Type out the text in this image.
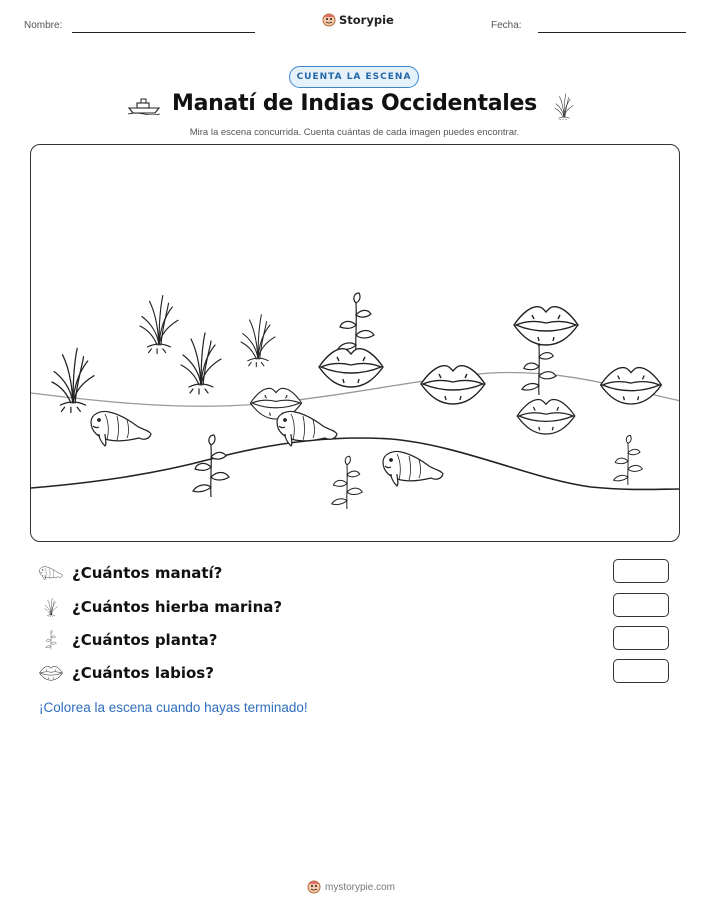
Nombre:	Storypie	Fecha:
CUENTA LA ESCENA
Manatí de Indias Occidentales
Mira la escena concurrida. Cuenta cuántas de cada imagen puedes encontrar.
¿Cuántos manatí?
¿Cuántos hierba marina?
¿Cuántos planta?
¿Cuántos labios?
¡Colorea la escena cuando hayas terminado!
mystorypie.com
